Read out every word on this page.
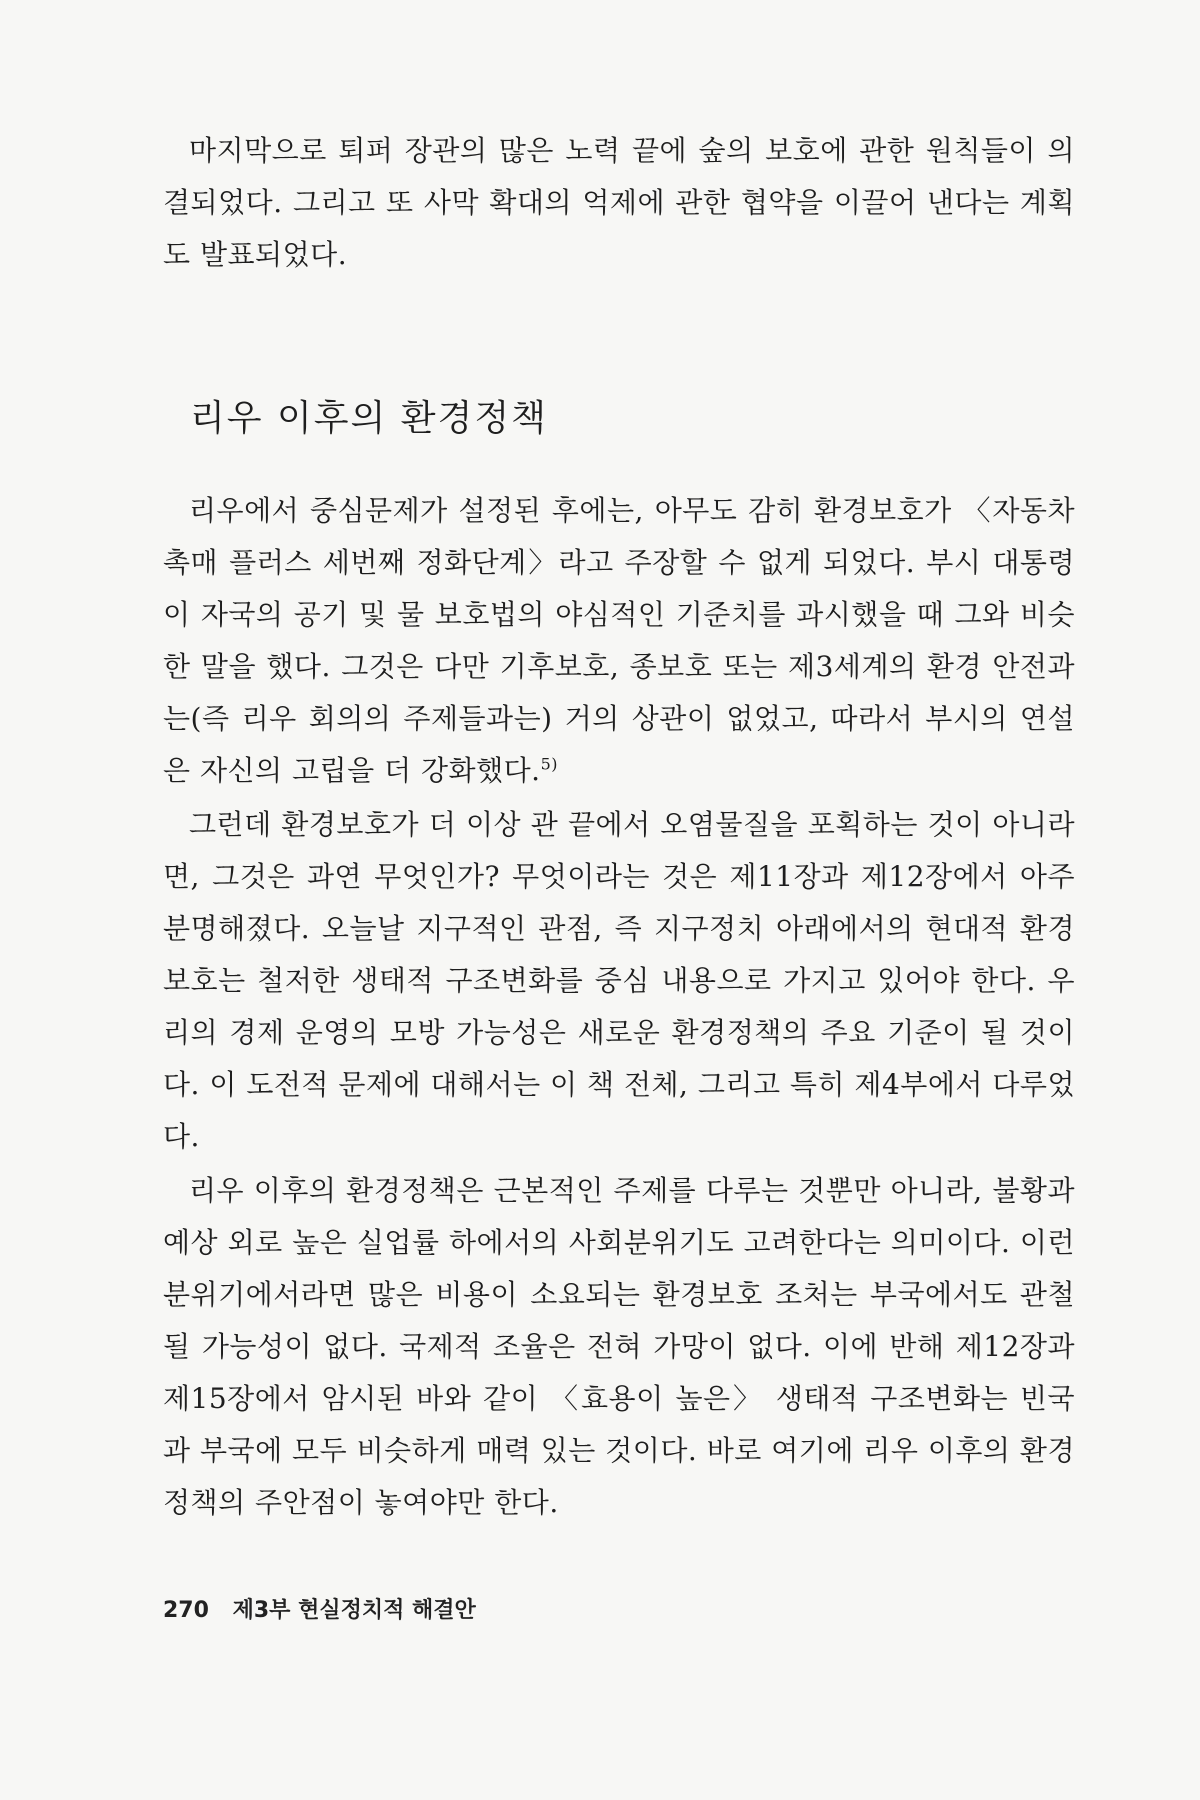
마지막으로 퇴퍼 장관의 많은 노력 끝에 숲의 보호에 관한 원칙들이 의결되었다. 그리고 또 사막 확대의 억제에 관한 협약을 이끌어 낸다는 계획도 발표되었다.

리우 이후의 환경정책

리우에서 중심문제가 설정된 후에는, 아무도 감히 환경보호가 〈자동차 촉매 플러스 세번째 정화단계〉라고 주장할 수 없게 되었다. 부시 대통령이 자국의 공기 및 물 보호법의 야심적인 기준치를 과시했을 때 그와 비슷한 말을 했다. 그것은 다만 기후보호, 종보호 또는 제3세계의 환경 안전과는(즉 리우 회의의 주제들과는) 거의 상관이 없었고, 따라서 부시의 연설은 자신의 고립을 더 강화했다.$^{5)}$

그런데 환경보호가 더 이상 관 끝에서 오염물질을 포획하는 것이 아니라면, 그것은 과연 무엇인가? 무엇이라는 것은 제11장과 제12장에서 아주 분명해졌다. 오늘날 지구적인 관점, 즉 지구정치 아래에서의 현대적 환경보호는 철저한 생태적 구조변화를 중심 내용으로 가지고 있어야 한다. 우리의 경제 운영의 모방 가능성은 새로운 환경정책의 주요 기준이 될 것이다. 이 도전적 문제에 대해서는 이 책 전체, 그리고 특히 제4부에서 다루었다.

리우 이후의 환경정책은 근본적인 주제를 다루는 것뿐만 아니라, 불황과 예상 외로 높은 실업률 하에서의 사회분위기도 고려한다는 의미이다. 이런 분위기에서라면 많은 비용이 소요되는 환경보호 조처는 부국에서도 관철될 가능성이 없다. 국제적 조율은 전혀 가망이 없다. 이에 반해 제12장과 제15장에서 암시된 바와 같이 〈효용이 높은〉 생태적 구조변화는 빈국과 부국에 모두 비슷하게 매력 있는 것이다. 바로 여기에 리우 이후의 환경정책의 주안점이 놓여야만 한다.

270 제3부 현실정치적 해결안
